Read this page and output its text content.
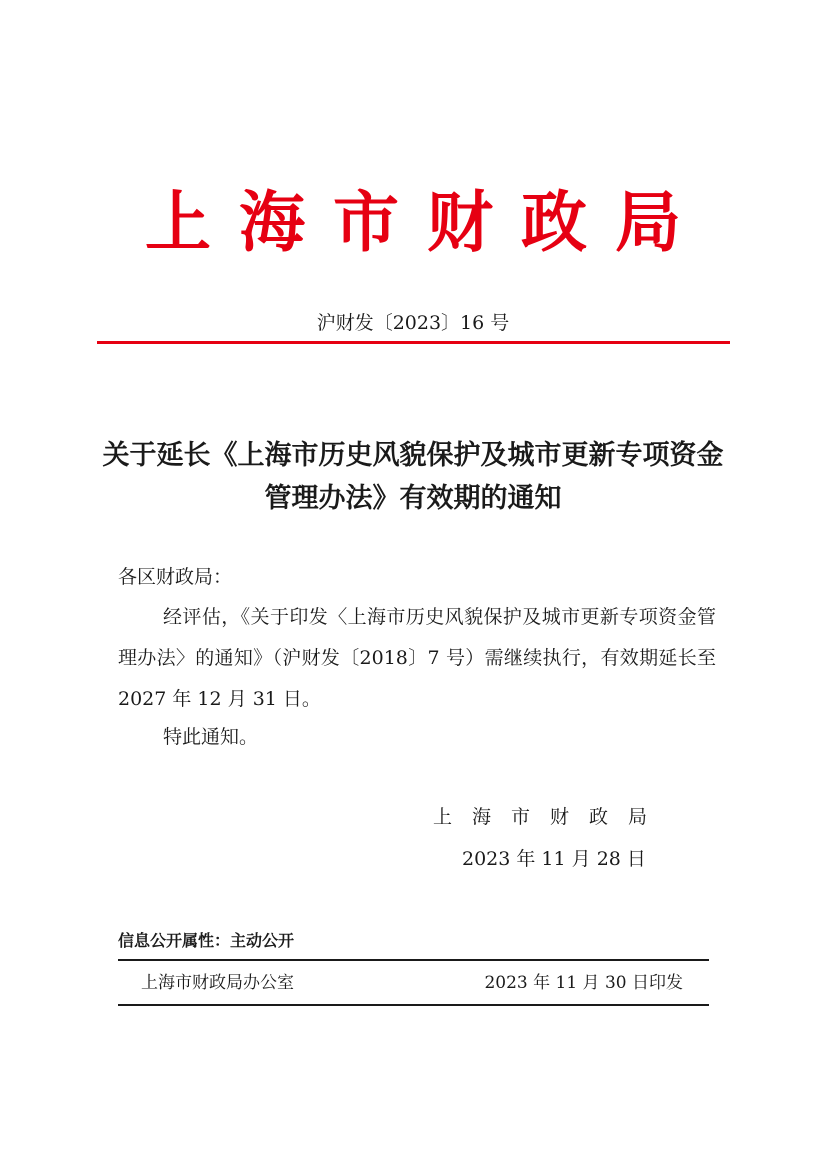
上海市财政局
沪财发〔2023〕16 号
关于延长《上海市历史风貌保护及城市更新专项资金管理办法》有效期的通知
各区财政局：
经评估，《关于印发〈上海市历史风貌保护及城市更新专项资金管理办法〉的通知》（沪财发〔2018〕7 号）需继续执行，有效期延长至 2027 年 12 月 31 日。
特此通知。
上海市财政局
2023 年 11 月 28 日
信息公开属性：主动公开
上海市财政局办公室	2023 年 11 月 30 日印发
